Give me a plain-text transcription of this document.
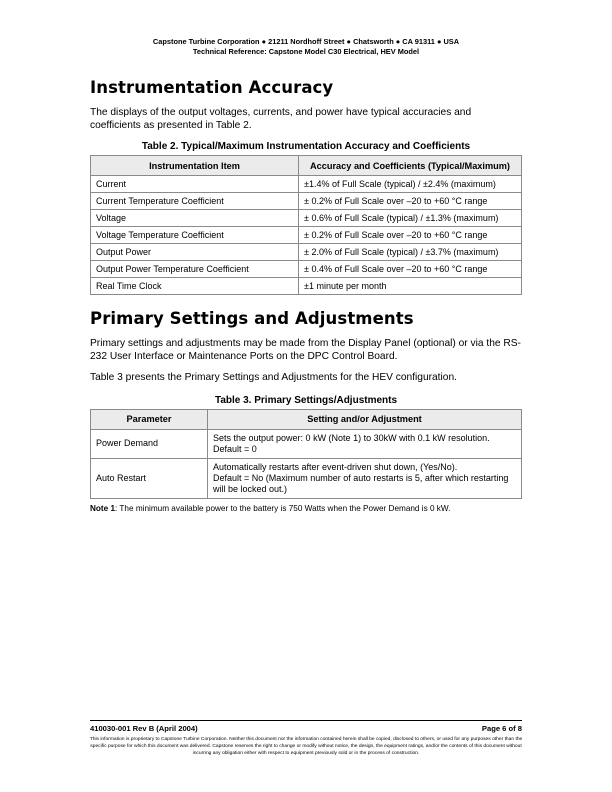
Capstone Turbine Corporation ● 21211 Nordhoff Street ● Chatsworth ● CA 91311 ● USA
Technical Reference: Capstone Model C30 Electrical, HEV Model
Instrumentation Accuracy

The displays of the output voltages, currents, and power have typical accuracies and coefficients as presented in Table 2.

Table 2. Typical/Maximum Instrumentation Accuracy and Coefficients
Instrumentation Item	Accuracy and Coefficients (Typical/Maximum)
Current	±1.4% of Full Scale (typical) / ±2.4% (maximum)
Current Temperature Coefficient	± 0.2% of Full Scale over –20 to +60 °C range
Voltage	± 0.6% of Full Scale (typical) / ±1.3% (maximum)
Voltage Temperature Coefficient	± 0.2% of Full Scale over –20 to +60 °C range
Output Power	± 2.0% of Full Scale (typical) / ±3.7% (maximum)
Output Power Temperature Coefficient	± 0.4% of Full Scale over –20 to +60 °C range
Real Time Clock	±1 minute per month
Primary Settings and Adjustments

Primary settings and adjustments may be made from the Display Panel (optional) or via the RS-232 User Interface or Maintenance Ports on the DPC Control Board.

Table 3 presents the Primary Settings and Adjustments for the HEV configuration.

Table 3. Primary Settings/Adjustments
Parameter	Setting and/or Adjustment
Power Demand	Sets the output power: 0 kW (Note 1) to 30kW with 0.1 kW resolution.
Default = 0

Auto Restart	Automatically restarts after event-driven shut down, (Yes/No).
Default = No (Maximum number of auto restarts is 5, after which restarting will be locked out.)
Note 1: The minimum available power to the battery is 750 Watts when the Power Demand is 0 kW.
410030-001 Rev B (April 2004)	Page 6 of 8
This information is proprietary to Capstone Turbine Corporation. Neither this document nor the information contained herein shall be copied, disclosed to others, or used for any purposes other than the specific purpose for which this document was delivered. Capstone reserves the right to change or modify without notice, the design, the equipment ratings, and/or the contents of this document without incurring any obligation either with respect to equipment previously sold or in the process of construction.
